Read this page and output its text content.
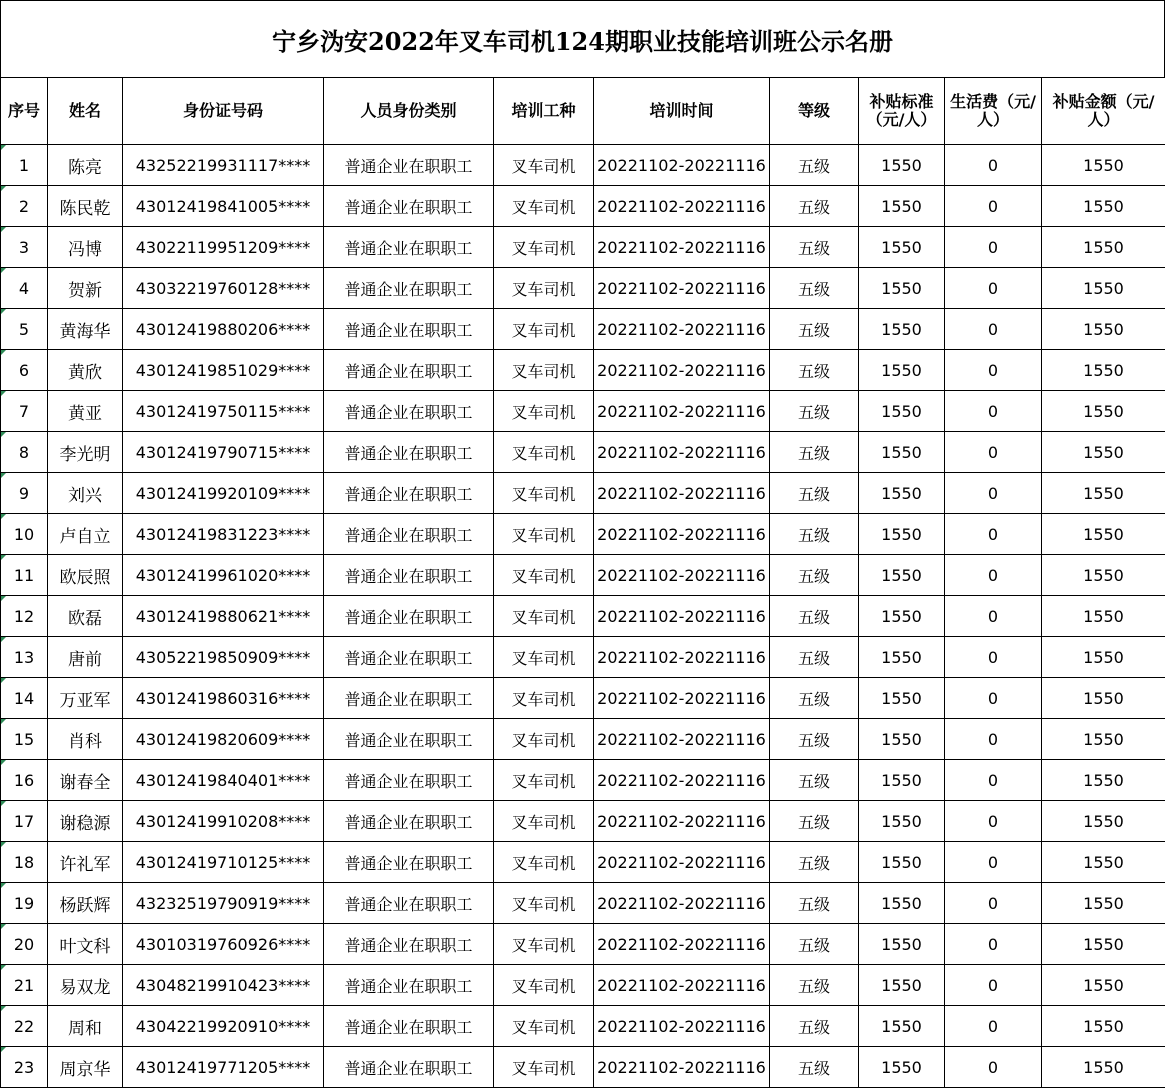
宁乡沩安2022年叉车司机124期职业技能培训班公示名册
序号	姓名	身份证号码	人员身份类别	培训工种	培训时间	等级	补贴标准（元/人）	生活费（元/人）	补贴金额（元/人）
1	陈亮	43252219931117****	普通企业在职职工	叉车司机	20221102-20221116	五级	1550	0	1550
2	陈民乾	43012419841005****	普通企业在职职工	叉车司机	20221102-20221116	五级	1550	0	1550
3	冯博	43022119951209****	普通企业在职职工	叉车司机	20221102-20221116	五级	1550	0	1550
4	贺新	43032219760128****	普通企业在职职工	叉车司机	20221102-20221116	五级	1550	0	1550
5	黄海华	43012419880206****	普通企业在职职工	叉车司机	20221102-20221116	五级	1550	0	1550
6	黄欣	43012419851029****	普通企业在职职工	叉车司机	20221102-20221116	五级	1550	0	1550
7	黄亚	43012419750115****	普通企业在职职工	叉车司机	20221102-20221116	五级	1550	0	1550
8	李光明	43012419790715****	普通企业在职职工	叉车司机	20221102-20221116	五级	1550	0	1550
9	刘兴	43012419920109****	普通企业在职职工	叉车司机	20221102-20221116	五级	1550	0	1550
10	卢自立	43012419831223****	普通企业在职职工	叉车司机	20221102-20221116	五级	1550	0	1550
11	欧辰照	43012419961020****	普通企业在职职工	叉车司机	20221102-20221116	五级	1550	0	1550
12	欧磊	43012419880621****	普通企业在职职工	叉车司机	20221102-20221116	五级	1550	0	1550
13	唐前	43052219850909****	普通企业在职职工	叉车司机	20221102-20221116	五级	1550	0	1550
14	万亚军	43012419860316****	普通企业在职职工	叉车司机	20221102-20221116	五级	1550	0	1550
15	肖科	43012419820609****	普通企业在职职工	叉车司机	20221102-20221116	五级	1550	0	1550
16	谢春全	43012419840401****	普通企业在职职工	叉车司机	20221102-20221116	五级	1550	0	1550
17	谢稳源	43012419910208****	普通企业在职职工	叉车司机	20221102-20221116	五级	1550	0	1550
18	许礼军	43012419710125****	普通企业在职职工	叉车司机	20221102-20221116	五级	1550	0	1550
19	杨跃辉	43232519790919****	普通企业在职职工	叉车司机	20221102-20221116	五级	1550	0	1550
20	叶文科	43010319760926****	普通企业在职职工	叉车司机	20221102-20221116	五级	1550	0	1550
21	易双龙	43048219910423****	普通企业在职职工	叉车司机	20221102-20221116	五级	1550	0	1550
22	周和	43042219920910****	普通企业在职职工	叉车司机	20221102-20221116	五级	1550	0	1550
23	周京华	43012419771205****	普通企业在职职工	叉车司机	20221102-20221116	五级	1550	0	1550
